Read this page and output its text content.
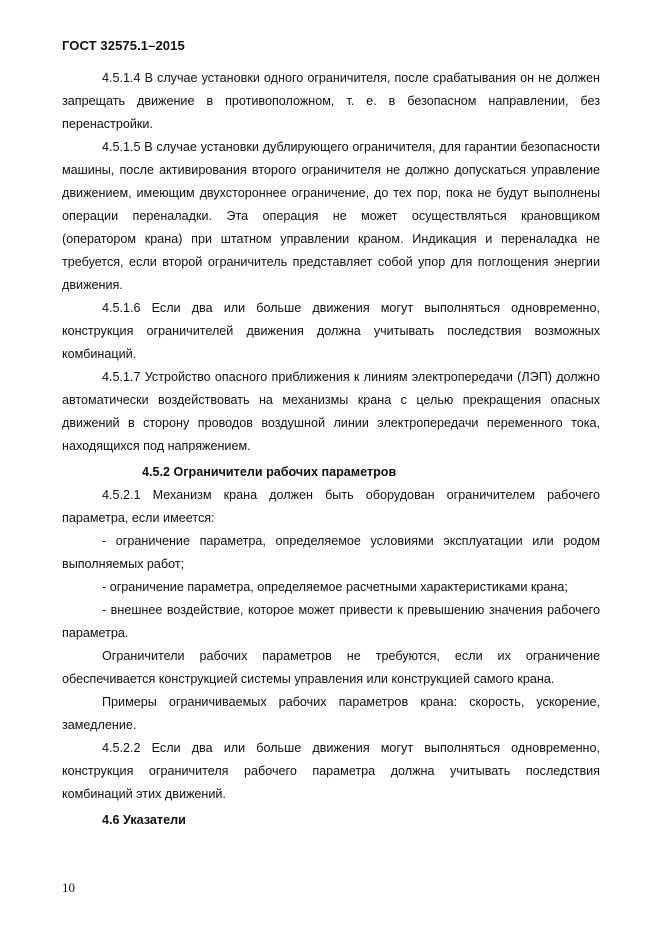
ГОСТ 32575.1–2015

4.5.1.4 В случае установки одного ограничителя, после срабатывания он не должен запрещать движение в противоположном, т. е. в безопасном направлении, без перенастройки.

4.5.1.5 В случае установки дублирующего ограничителя, для гарантии безопасности машины, после активирования второго ограничителя не должно допускаться управление движением, имеющим двухстороннее ограничение, до тех пор, пока не будут выполнены операции переналадки. Эта операция не может осуществляться крановщиком (оператором крана) при штатном управлении краном. Индикация и переналадка не требуется, если второй ограничитель представляет собой упор для поглощения энергии движения.

4.5.1.6 Если два или больше движения могут выполняться одновременно, конструкция ограничителей движения должна учитывать последствия возможных комбинаций.

4.5.1.7 Устройство опасного приближения к линиям электропередачи (ЛЭП) должно автоматически воздействовать на механизмы крана с целью прекращения опасных движений в сторону проводов воздушной линии электропередачи переменного тока, находящихся под напряжением.

4.5.2 Ограничители рабочих параметров

4.5.2.1 Механизм крана должен быть оборудован ограничителем рабочего параметра, если имеется:

- ограничение параметра, определяемое условиями эксплуатации или родом выполняемых работ;

- ограничение параметра, определяемое расчетными характеристиками крана;

- внешнее воздействие, которое может привести к превышению значения рабочего параметра.

Ограничители рабочих параметров не требуются, если их ограничение обеспечивается конструкцией системы управления или конструкцией самого крана.

Примеры ограничиваемых рабочих параметров крана: скорость, ускорение, замедление.

4.5.2.2 Если два или больше движения могут выполняться одновременно, конструкция ограничителя рабочего параметра должна учитывать последствия комбинаций этих движений.

4.6 Указатели

10
